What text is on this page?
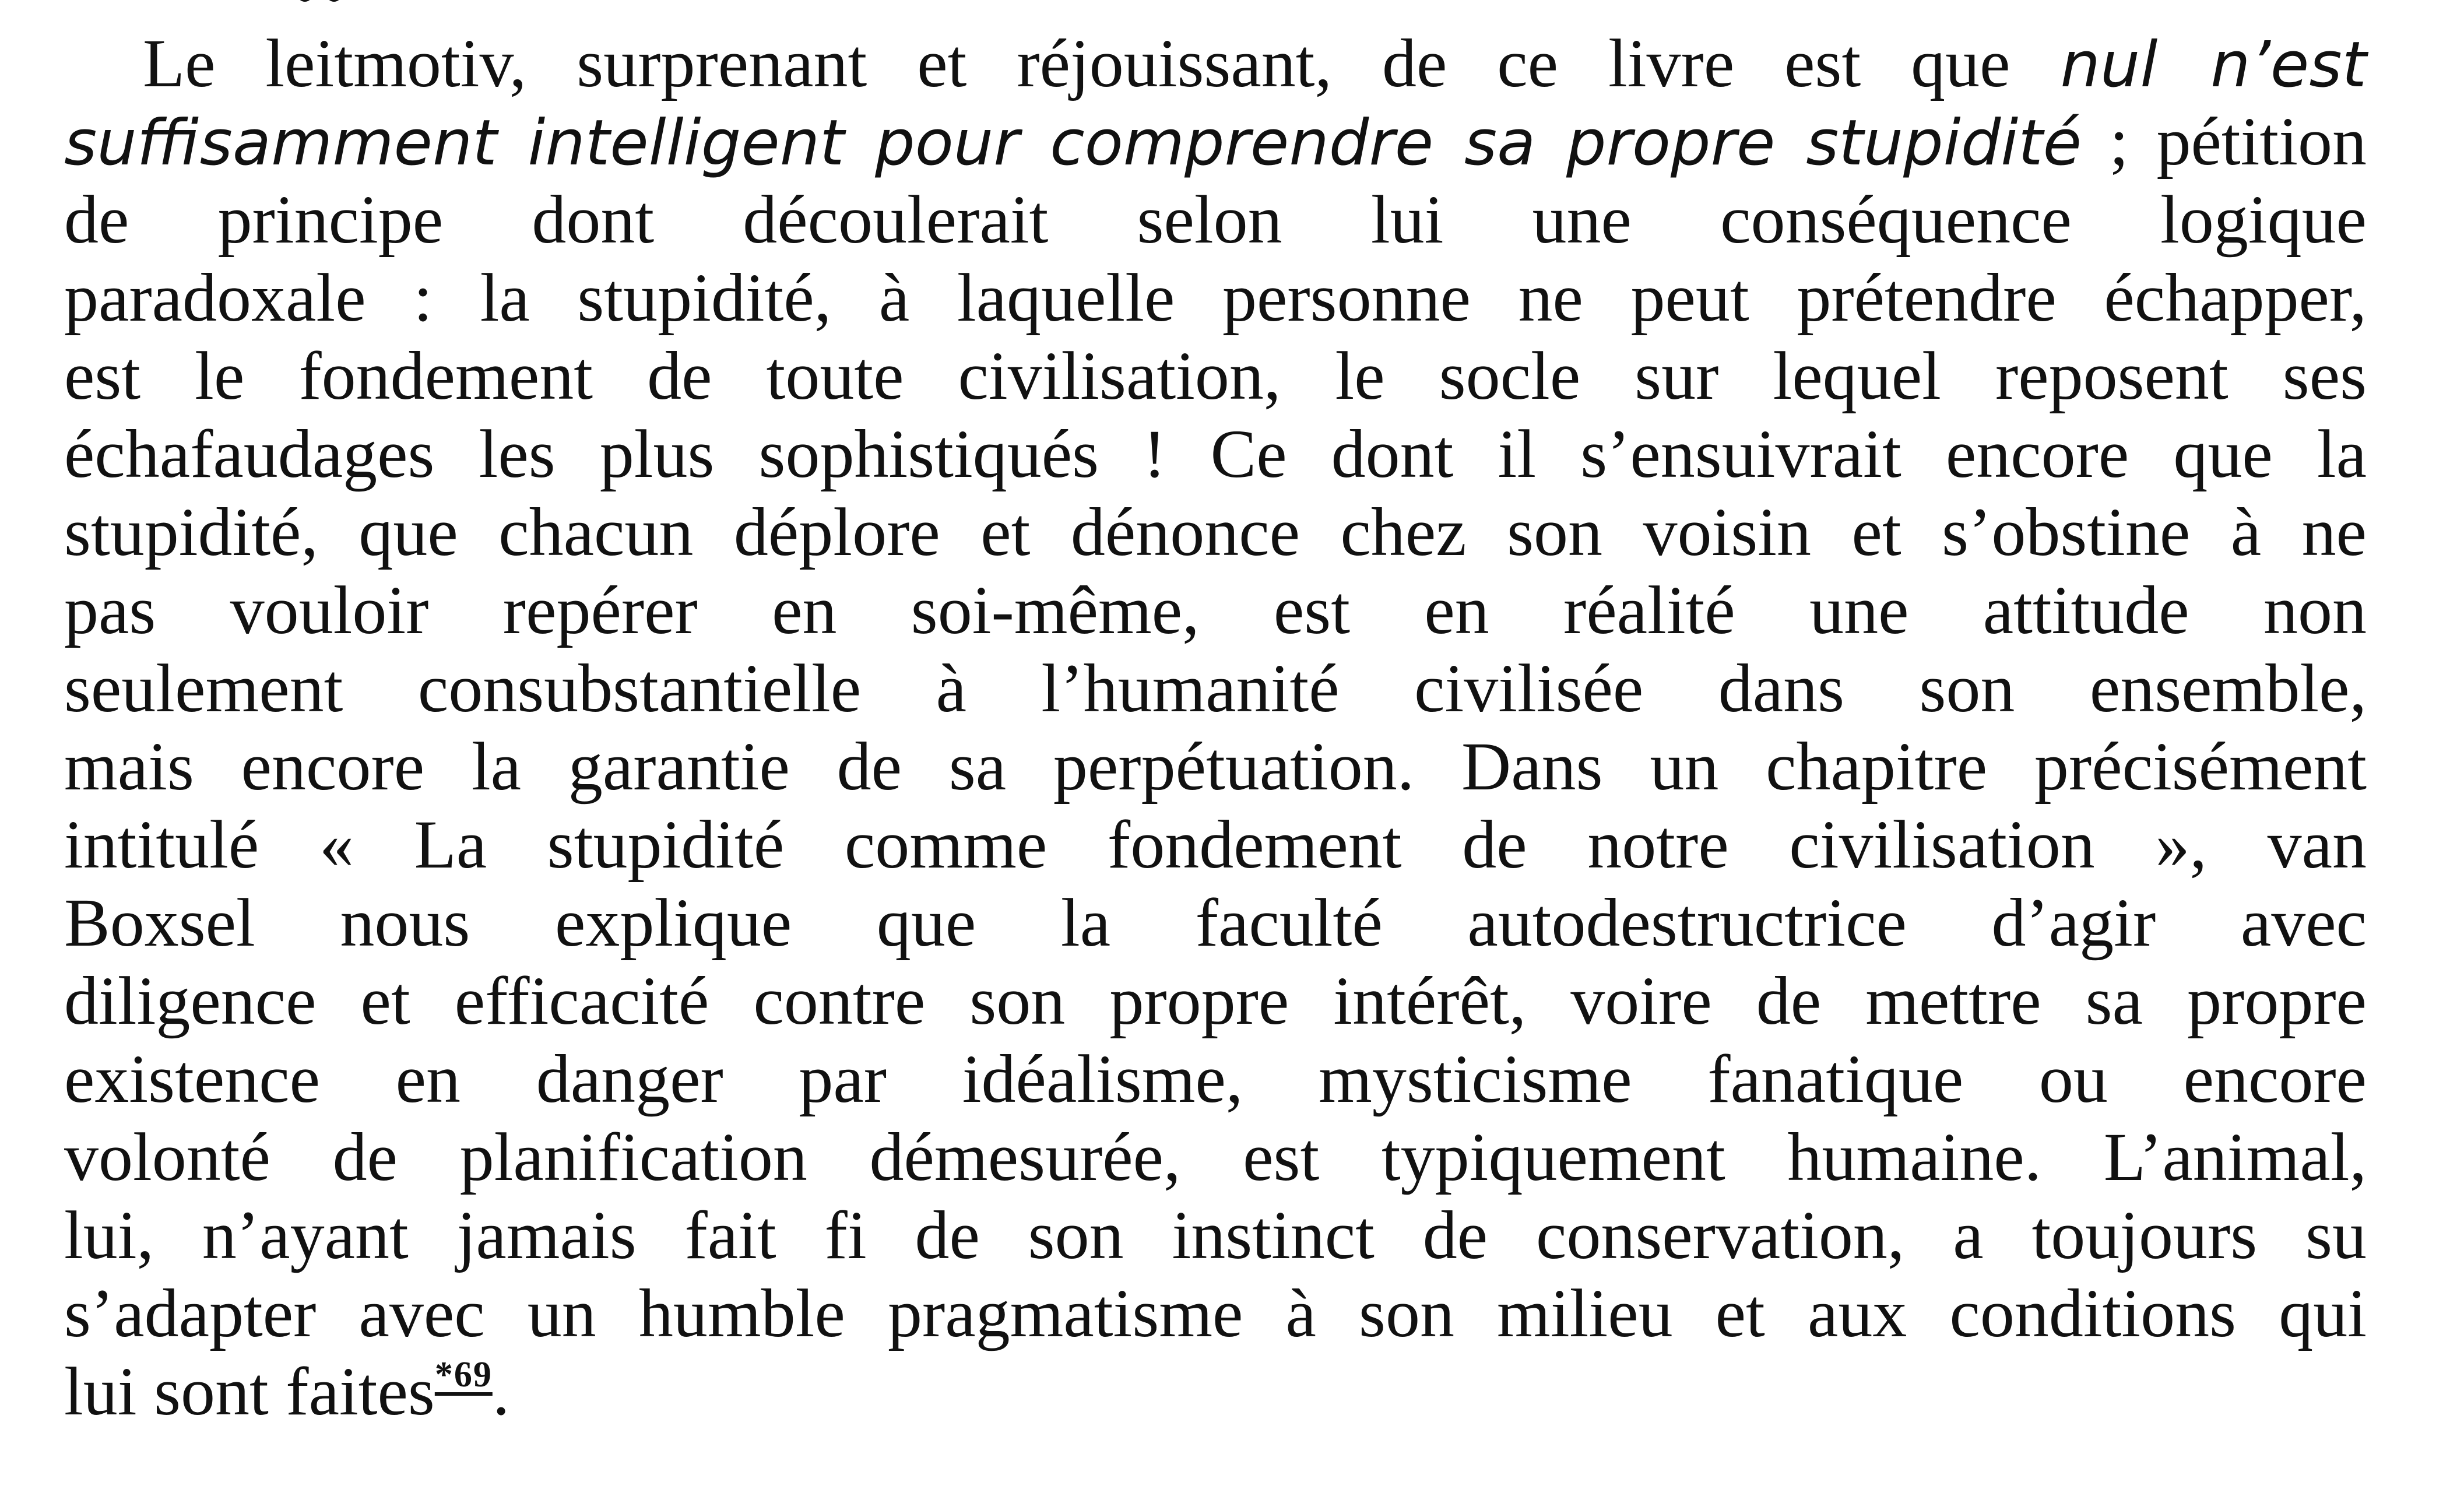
Le leitmotiv, surprenant et réjouissant, de ce livre est que nul n’est
suffisamment intelligent pour comprendre sa propre stupidité ; pétition
de principe dont découlerait selon lui une conséquence logique
paradoxale : la stupidité, à laquelle personne ne peut prétendre échapper,
est le fondement de toute civilisation, le socle sur lequel reposent ses
échafaudages les plus sophistiqués ! Ce dont il s’ensuivrait encore que la
stupidité, que chacun déplore et dénonce chez son voisin et s’obstine à ne
pas vouloir repérer en soi-même, est en réalité une attitude non
seulement consubstantielle à l’humanité civilisée dans son ensemble,
mais encore la garantie de sa perpétuation. Dans un chapitre précisément
intitulé « La stupidité comme fondement de notre civilisation », van
Boxsel nous explique que la faculté autodestructrice d’agir avec
diligence et efficacité contre son propre intérêt, voire de mettre sa propre
existence en danger par idéalisme, mysticisme fanatique ou encore
volonté de planification démesurée, est typiquement humaine. L’animal,
lui, n’ayant jamais fait fi de son instinct de conservation, a toujours su
s’adapter avec un humble pragmatisme à son milieu et aux conditions qui
lui sont faites$^{*69}$.
